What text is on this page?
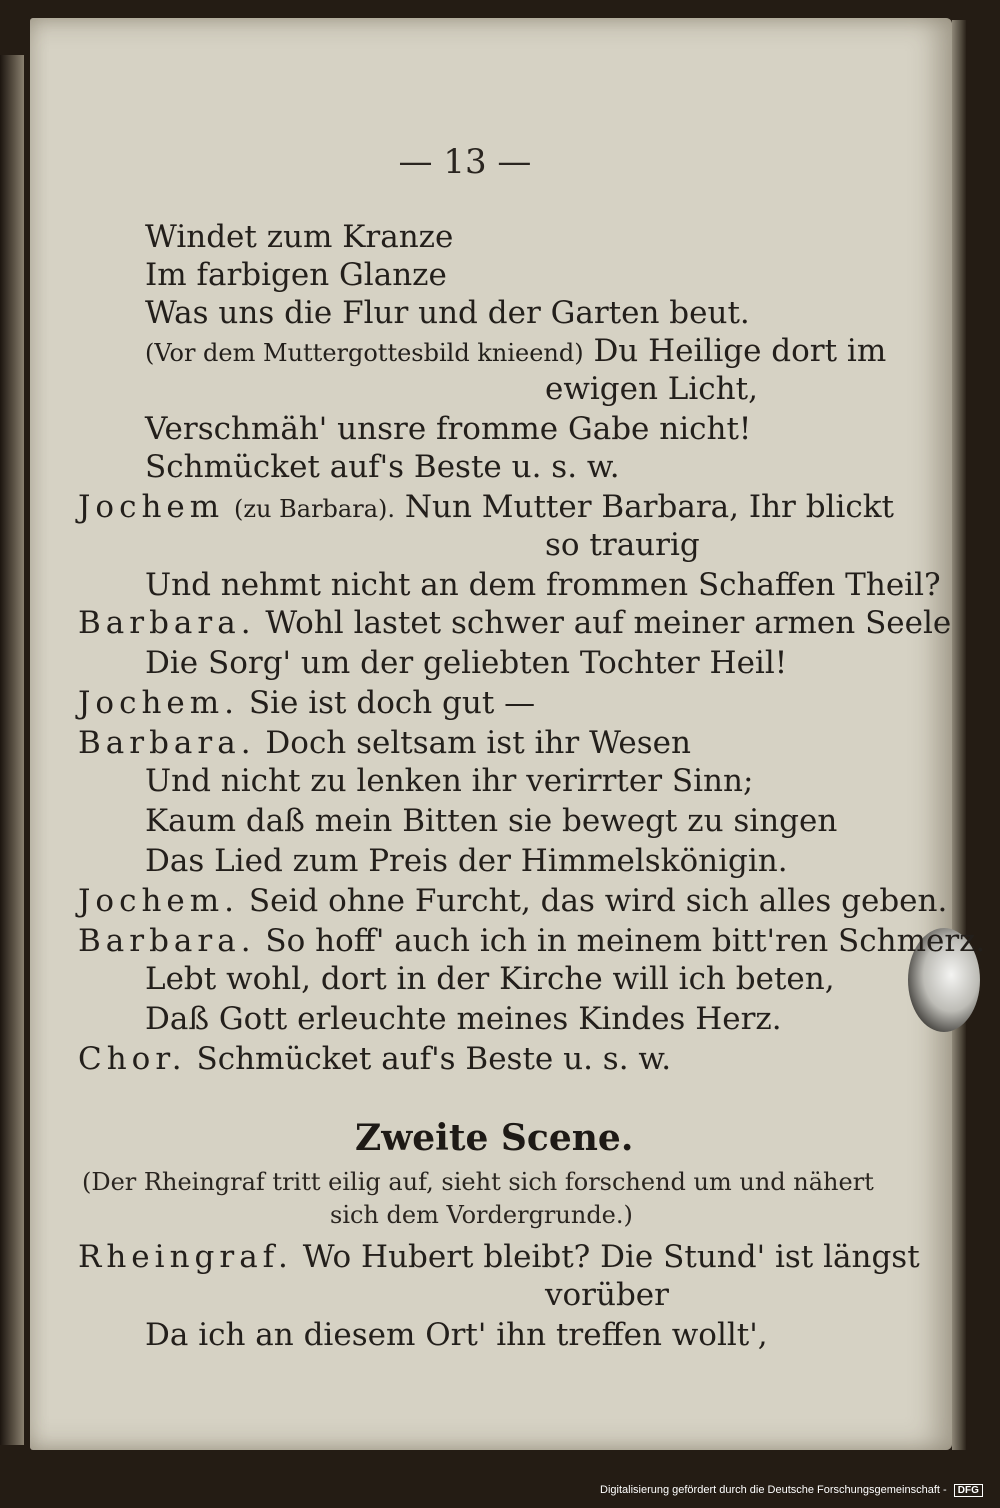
— 13 —

Windet zum Kranze

Im farbigen Glanze

Was uns die Flur und der Garten beut.

(Vor dem Muttergottesbild knieend) Du Heilige dort im

ewigen Licht,

Verschmäh' unsre fromme Gabe nicht!

Schmücket auf's Beste u. s. w.

Jochem (zu Barbara). Nun Mutter Barbara, Ihr blickt

so traurig

Und nehmt nicht an dem frommen Schaffen Theil?

Barbara. Wohl lastet schwer auf meiner armen Seele

Die Sorg' um der geliebten Tochter Heil!

Jochem. Sie ist doch gut —

Barbara. Doch seltsam ist ihr Wesen

Und nicht zu lenken ihr verirrter Sinn;

Kaum daß mein Bitten sie bewegt zu singen

Das Lied zum Preis der Himmelskönigin.

Jochem. Seid ohne Furcht, das wird sich alles geben.

Barbara. So hoff' auch ich in meinem bitt'ren Schmerz.

Lebt wohl, dort in der Kirche will ich beten,

Daß Gott erleuchte meines Kindes Herz.

Chor. Schmücket auf's Beste u. s. w.

Zweite Scene.

(Der Rheingraf tritt eilig auf, sieht sich forschend um und nähert

sich dem Vordergrunde.)

Rheingraf. Wo Hubert bleibt? Die Stund' ist längst

vorüber

Da ich an diesem Ort' ihn treffen wollt',

Digitalisierung gefördert durch die Deutsche Forschungsgemeinschaft - DFG
